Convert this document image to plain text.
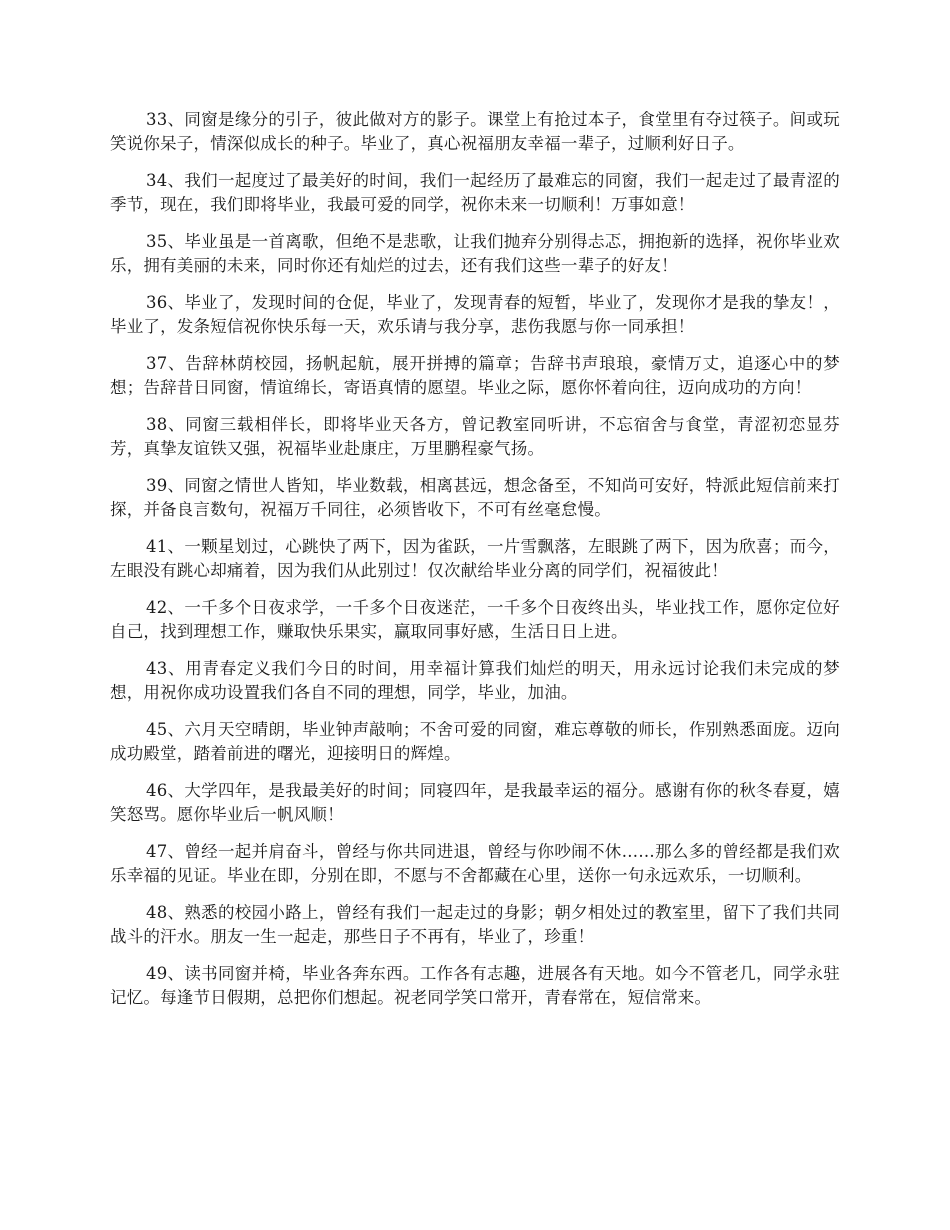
33、同窗是缘分的引子，彼此做对方的影子。课堂上有抢过本子，食堂里有夺过筷子。间或玩笑说你呆子，情深似成长的种子。毕业了，真心祝福朋友幸福一辈子，过顺利好日子。

34、我们一起度过了最美好的时间，我们一起经历了最难忘的同窗，我们一起走过了最青涩的季节，现在，我们即将毕业，我最可爱的同学，祝你未来一切顺利！万事如意！

35、毕业虽是一首离歌，但绝不是悲歌，让我们抛弃分别得忐忑，拥抱新的选择，祝你毕业欢乐，拥有美丽的未来，同时你还有灿烂的过去，还有我们这些一辈子的好友！

36、毕业了，发现时间的仓促，毕业了，发现青春的短暂，毕业了，发现你才是我的挚友！，毕业了，发条短信祝你快乐每一天，欢乐请与我分享，悲伤我愿与你一同承担！

37、告辞林荫校园，扬帆起航，展开拼搏的篇章；告辞书声琅琅，豪情万丈，追逐心中的梦想；告辞昔日同窗，情谊绵长，寄语真情的愿望。毕业之际，愿你怀着向往，迈向成功的方向！

38、同窗三载相伴长，即将毕业天各方，曾记教室同听讲，不忘宿舍与食堂，青涩初恋显芬芳，真挚友谊铁又强，祝福毕业赴康庄，万里鹏程豪气扬。

39、同窗之情世人皆知，毕业数载，相离甚远，想念备至，不知尚可安好，特派此短信前来打探，并备良言数句，祝福万千同往，必须皆收下，不可有丝毫怠慢。

41、一颗星划过，心跳快了两下，因为雀跃，一片雪飘落，左眼跳了两下，因为欣喜；而今，左眼没有跳心却痛着，因为我们从此别过！仅次献给毕业分离的同学们，祝福彼此！

42、一千多个日夜求学，一千多个日夜迷茫，一千多个日夜终出头，毕业找工作，愿你定位好自己，找到理想工作，赚取快乐果实，赢取同事好感，生活日日上进。

43、用青春定义我们今日的时间，用幸福计算我们灿烂的明天，用永远讨论我们未完成的梦想，用祝你成功设置我们各自不同的理想，同学，毕业，加油。

45、六月天空晴朗，毕业钟声敲响；不舍可爱的同窗，难忘尊敬的师长，作别熟悉面庞。迈向成功殿堂，踏着前进的曙光，迎接明日的辉煌。

46、大学四年，是我最美好的时间；同寝四年，是我最幸运的福分。感谢有你的秋冬春夏，嬉笑怒骂。愿你毕业后一帆风顺！

47、曾经一起并肩奋斗，曾经与你共同进退，曾经与你吵闹不休……那么多的曾经都是我们欢乐幸福的见证。毕业在即，分别在即，不愿与不舍都藏在心里，送你一句永远欢乐，一切顺利。

48、熟悉的校园小路上，曾经有我们一起走过的身影；朝夕相处过的教室里，留下了我们共同战斗的汗水。朋友一生一起走，那些日子不再有，毕业了，珍重！

49、读书同窗并椅，毕业各奔东西。工作各有志趣，进展各有天地。如今不管老几，同学永驻记忆。每逢节日假期，总把你们想起。祝老同学笑口常开，青春常在，短信常来。
